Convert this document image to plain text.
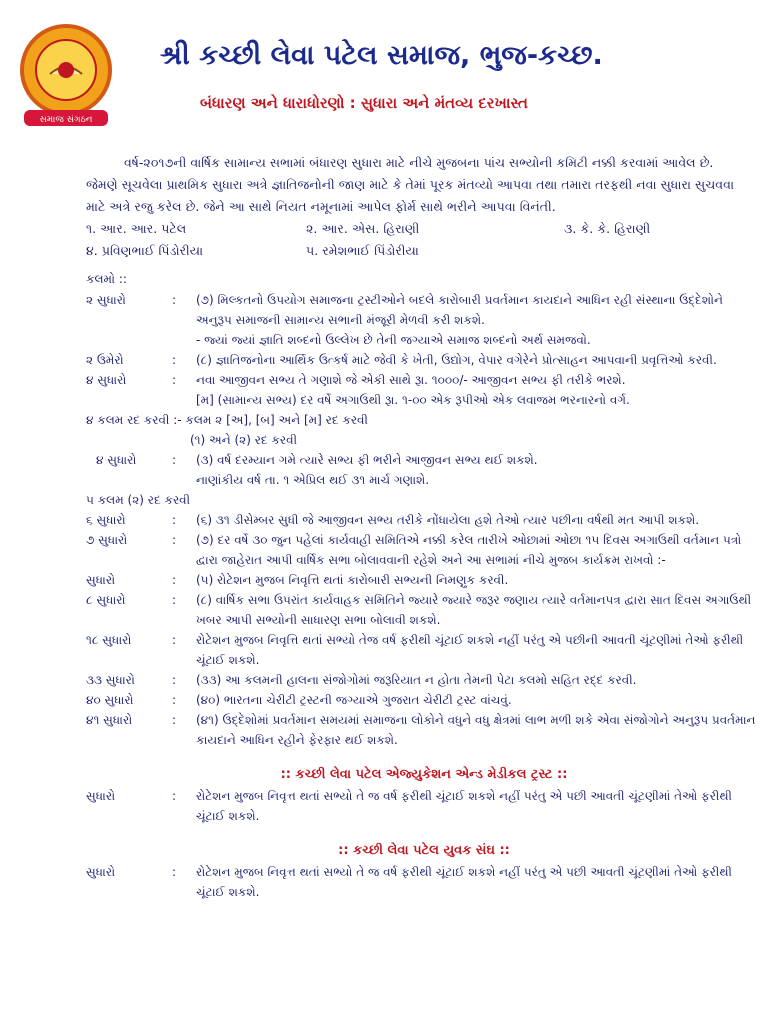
સમાજ સંગઠન
શ્રી કચ્છી લેવા પટેલ સમાજ, ભુજ-કચ્છ.
બંધારણ અને ધારાધોરણો : સુધારા અને મંતવ્ય દરખાસ્ત

વર્ષ-૨૦૧૭ની વાર્ષિક સામાન્ય સભામાં બંધારણ સુધારા માટે નીચે મુજબના પાંચ સભ્યોની કમિટી નક્કી કરવામાં આવેલ છે. જેમણે સૂચવેલા પ્રાથમિક સુધારા અત્રે જ્ઞાતિજનોની જાણ માટે કે તેમાં પૂરક મંતવ્યો આપવા તથા તમારા તરફથી નવા સુધારા સુચવવા માટે અત્રે રજુ કરેલ છે. જેને આ સાથે નિયત નમૂનામાં આપેલ ફોર્મ સાથે ભરીને આપવા વિનંતી.

૧. આર. આર. પટેલ	૨. આર. એસ. હિરાણી	૩. કે. કે. હિરાણી
૪. પ્રવિણભાઈ પિંડોરીયા	૫. રમેશભાઈ પિંડોરીયા
કલમો ::
૨ સુધારો	:	(૭) મિલ્કતનો ઉપયોગ સમાજના ટ્રસ્ટીઓને બદલે કારોબારી પ્રવર્તમાન કાયદાને આધિન રહી સંસ્થાના ઉદ્દેશોને અનુરૂપ સમાજની સામાન્ય સભાની મંજૂરી મેળવી કરી શકશે.
- જ્યાં જ્યાં જ્ઞાતિ શબ્દનો ઉલ્લેખ છે તેની જગ્યાએ સમાજ શબ્દનો અર્થ સમજવો.
૨ ઉમેરો	:	(૮) જ્ઞાતિજનોના આર્થિક ઉત્કર્ષ માટે જેવી કે ખેતી, ઉદ્યોગ, વેપાર વગેરેને પ્રોત્સાહન આપવાની પ્રવૃત્તિઓ કરવી.
૪ સુધારો	:	નવા આજીવન સભ્ય તે ગણાશે જે એકી સાથે રૂા. ૧૦૦૦/- આજીવન સભ્ય ફી તરીકે ભરશે.
[મ] (સામાન્ય સભ્ય) દર વર્ષે અગાઉથી રૂા. ૧-૦૦ એક રૂપીઓ એક લવાજમ ભરનારનો વર્ગ.
૪ કલમ રદ કરવી :- કલમ ૨ [અ], [બ] અને [મ] રદ કરવી
(૧) અને (૨) રદ કરવી
૪ સુધારો	:	(૩) વર્ષ દરમ્યાન ગમે ત્યારે સભ્ય ફી ભરીને આજીવન સભ્ય થઈ શકશે.
નાણાંકીય વર્ષ તા. ૧ એપ્રિલ થઈ ૩૧ માર્ચ ગણાશે.
૫ કલમ (૨) રદ કરવી
૬ સુધારો	:	(૬) ૩૧ ડીસેમ્બર સુધી જે આજીવન સભ્ય તરીકે નોંધાયેલા હશે તેઓ ત્યાર પછીના વર્ષથી મત આપી શકશે.
૭ સુધારો	:	(૭) દર વર્ષે ૩૦ જુન પહેલાં કાર્યવાહી સમિતિએ નક્કી કરેલ તારીખે ઓછામાં ઓછા ૧૫ દિવસ અગાઉથી વર્તમાન પત્રો દ્વારા જાહેરાત આપી વાર્ષિક સભા બોલાવવાની રહેશે અને આ સભામાં નીચે મુજબ કાર્યક્રમ રાખવો :-
સુધારો	:	(૫) રોટેશન મુજબ નિવૃત્તિ થતાં કારોબારી સભ્યની નિમણુક કરવી.
૮ સુધારો	:	(૮) વાર્ષિક સભા ઉપરાંત કાર્યવાહક સમિતિને જ્યારે જ્યારે જરૂર જણાય ત્યારે વર્તમાનપત્ર દ્વારા સાત દિવસ અગાઉથી ખબર આપી સભ્યોની સાધારણ સભા બોલાવી શકશે.
૧૮ સુધારો	:	રોટેશન મુજબ નિવૃત્તિ થતાં સભ્યો તેજ વર્ષ ફરીથી ચૂંટાઈ શકશે નહીં પરંતુ એ પછીની આવતી ચૂંટણીમાં તેઓ ફરીથી ચૂંટાઈ શકશે.
૩૩ સુધારો	:	(૩૩) આ કલમની હાલના સંજોગોમાં જરૂરિયાત ન હોતા તેમની પેટા કલમો સહિત રદ્દ કરવી.
૪૦ સુધારો	:	(૪૦) ભારતના ચેરીટી ટ્રસ્ટની જગ્યાએ ગુજરાત ચેરીટી ટ્રસ્ટ વાંચવું.
૪૧ સુધારો	:	(૪૧) ઉદ્દેશોમાં પ્રવર્તમાન સમયમાં સમાજના લોકોને વધુને વધુ ક્ષેત્રમાં લાભ મળી શકે એવા સંજોગોને અનુરૂપ પ્રવર્તમાન કાયદાને આધિન રહીને ફેરફાર થઈ શકશે.
:: કચ્છી લેવા પટેલ એજ્યુકેશન એન્ડ મેડીકલ ટ્રસ્ટ ::
સુધારો	:	રોટેશન મુજબ નિવૃત્ત થતાં સભ્યો તે જ વર્ષ ફરીથી ચૂંટાઈ શકશે નહીં પરંતુ એ પછી આવતી ચૂંટણીમાં તેઓ ફરીથી ચૂંટાઈ શકશે.
:: કચ્છી લેવા પટેલ યુવક સંઘ ::
સુધારો	:	રોટેશન મુજબ નિવૃત્ત થતાં સભ્યો તે જ વર્ષ ફરીથી ચૂંટાઈ શકશે નહીં પરંતુ એ પછી આવતી ચૂંટણીમાં તેઓ ફરીથી ચૂંટાઈ શકશે.
